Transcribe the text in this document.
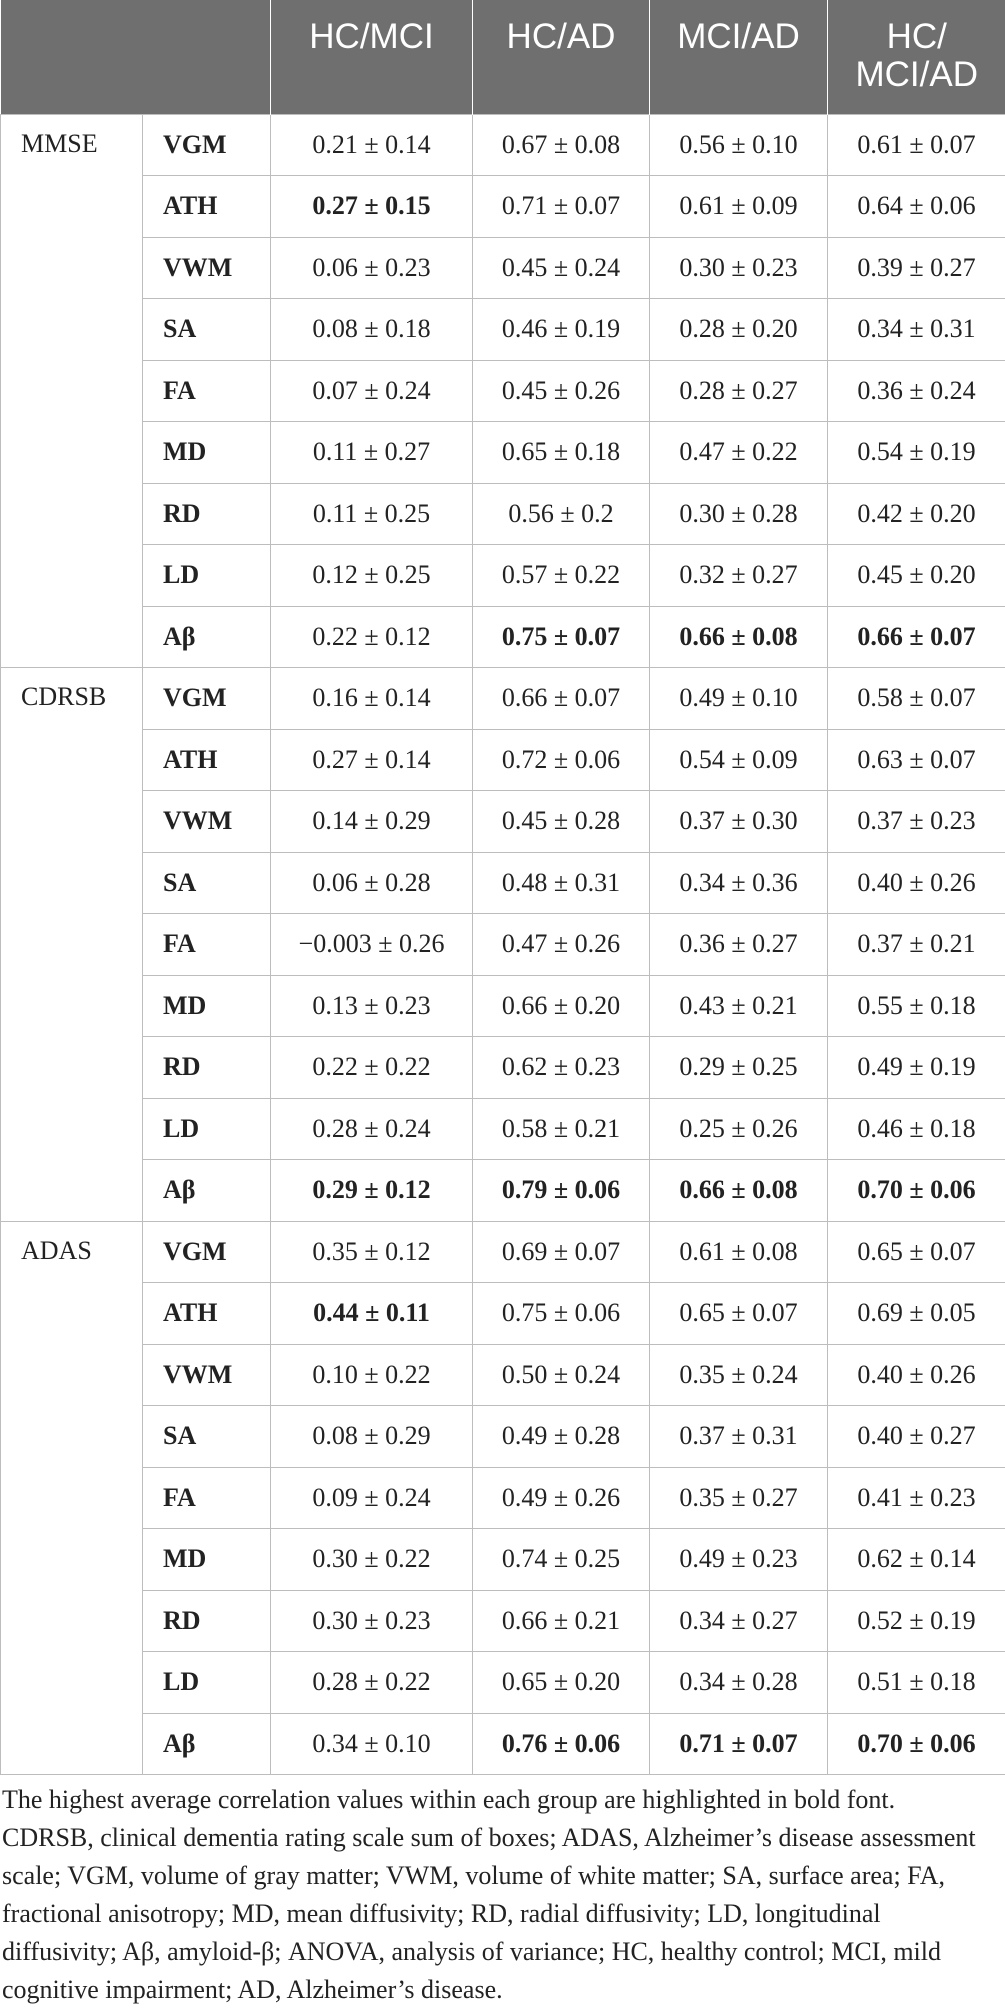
		HC/MCI	HC/AD	MCI/AD	HC/
MCI/AD
MMSE	VGM	0.21 ± 0.14	0.67 ± 0.08	0.56 ± 0.10	0.61 ± 0.07
	ATH	0.27 ± 0.15	0.71 ± 0.07	0.61 ± 0.09	0.64 ± 0.06
	VWM	0.06 ± 0.23	0.45 ± 0.24	0.30 ± 0.23	0.39 ± 0.27
	SA	0.08 ± 0.18	0.46 ± 0.19	0.28 ± 0.20	0.34 ± 0.31
	FA	0.07 ± 0.24	0.45 ± 0.26	0.28 ± 0.27	0.36 ± 0.24
	MD	0.11 ± 0.27	0.65 ± 0.18	0.47 ± 0.22	0.54 ± 0.19
	RD	0.11 ± 0.25	0.56 ± 0.2	0.30 ± 0.28	0.42 ± 0.20
	LD	0.12 ± 0.25	0.57 ± 0.22	0.32 ± 0.27	0.45 ± 0.20
	Aβ	0.22 ± 0.12	0.75 ± 0.07	0.66 ± 0.08	0.66 ± 0.07
CDRSB	VGM	0.16 ± 0.14	0.66 ± 0.07	0.49 ± 0.10	0.58 ± 0.07
	ATH	0.27 ± 0.14	0.72 ± 0.06	0.54 ± 0.09	0.63 ± 0.07
	VWM	0.14 ± 0.29	0.45 ± 0.28	0.37 ± 0.30	0.37 ± 0.23
	SA	0.06 ± 0.28	0.48 ± 0.31	0.34 ± 0.36	0.40 ± 0.26
	FA	−0.003 ± 0.26	0.47 ± 0.26	0.36 ± 0.27	0.37 ± 0.21
	MD	0.13 ± 0.23	0.66 ± 0.20	0.43 ± 0.21	0.55 ± 0.18
	RD	0.22 ± 0.22	0.62 ± 0.23	0.29 ± 0.25	0.49 ± 0.19
	LD	0.28 ± 0.24	0.58 ± 0.21	0.25 ± 0.26	0.46 ± 0.18
	Aβ	0.29 ± 0.12	0.79 ± 0.06	0.66 ± 0.08	0.70 ± 0.06
ADAS	VGM	0.35 ± 0.12	0.69 ± 0.07	0.61 ± 0.08	0.65 ± 0.07
	ATH	0.44 ± 0.11	0.75 ± 0.06	0.65 ± 0.07	0.69 ± 0.05
	VWM	0.10 ± 0.22	0.50 ± 0.24	0.35 ± 0.24	0.40 ± 0.26
	SA	0.08 ± 0.29	0.49 ± 0.28	0.37 ± 0.31	0.40 ± 0.27
	FA	0.09 ± 0.24	0.49 ± 0.26	0.35 ± 0.27	0.41 ± 0.23
	MD	0.30 ± 0.22	0.74 ± 0.25	0.49 ± 0.23	0.62 ± 0.14
	RD	0.30 ± 0.23	0.66 ± 0.21	0.34 ± 0.27	0.52 ± 0.19
	LD	0.28 ± 0.22	0.65 ± 0.20	0.34 ± 0.28	0.51 ± 0.18
	Aβ	0.34 ± 0.10	0.76 ± 0.06	0.71 ± 0.07	0.70 ± 0.06

The highest average correlation values within each group are highlighted in bold font.

CDRSB, clinical dementia rating scale sum of boxes; ADAS, Alzheimer’s disease assessment scale; VGM, volume of gray matter; VWM, volume of white matter; SA, surface area; FA, fractional anisotropy; MD, mean diffusivity; RD, radial diffusivity; LD, longitudinal diffusivity; Aβ, amyloid-β; ANOVA, analysis of variance; HC, healthy control; MCI, mild cognitive impairment; AD, Alzheimer’s disease.
